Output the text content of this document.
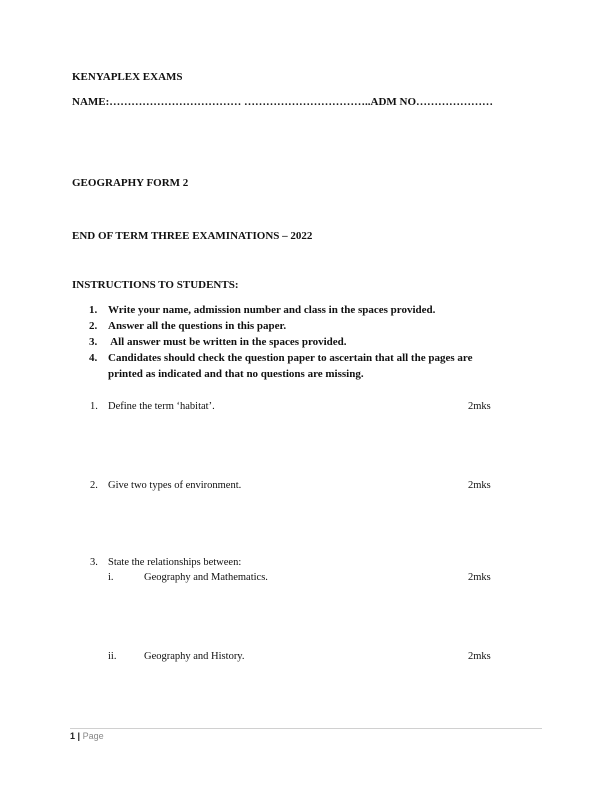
KENYAPLEX EXAMS
NAME:……………………………… ……………………………..ADM NO…………………
GEOGRAPHY FORM 2
END OF TERM THREE EXAMINATIONS – 2022
INSTRUCTIONS TO STUDENTS:
1. Write your name, admission number and class in the spaces provided.
2. Answer all the questions in this paper.
3. All answer must be written in the spaces provided.
4. Candidates should check the question paper to ascertain that all the pages are
printed as indicated and that no questions are missing.
1. Define the term ‘habitat’.	2mks
2. Give two types of environment.	2mks
3. State the relationships between:
i.	Geography and Mathematics.	2mks
ii.	Geography and History.	2mks
1 | Page
